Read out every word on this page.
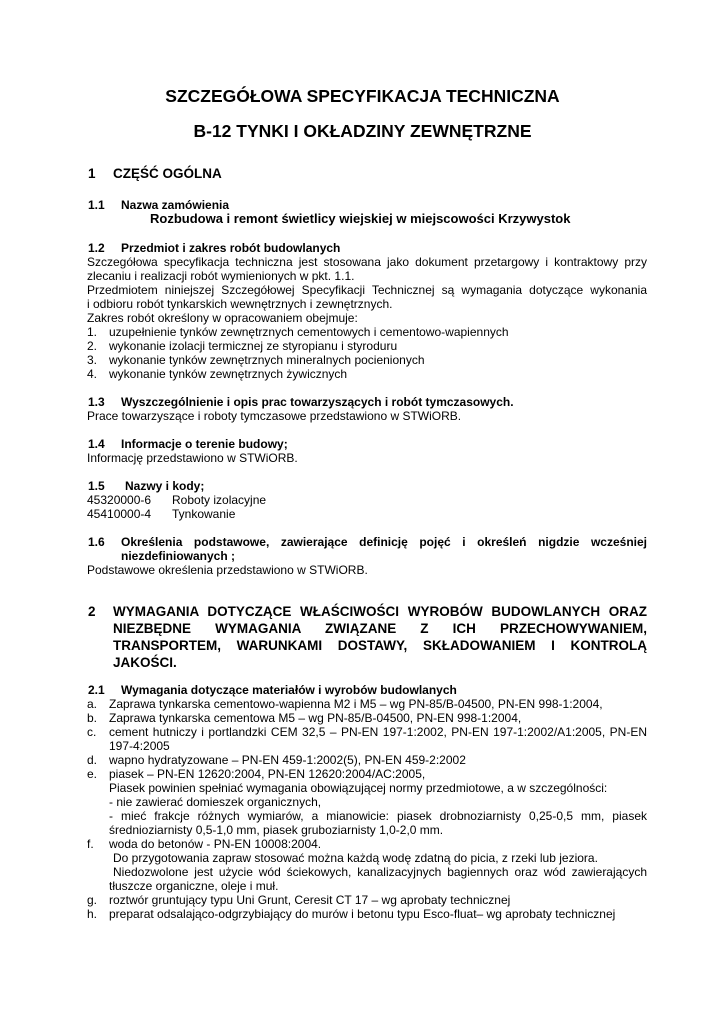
SZCZEGÓŁOWA SPECYFIKACJA TECHNICZNA
B-12 TYNKI I OKŁADZINY ZEWNĘTRZNE
1 CZĘŚĆ OGÓLNA
1.1 Nazwa zamówienia
Rozbudowa i remont świetlicy wiejskiej w miejscowości Krzywystok
1.2 Przedmiot i zakres robót budowlanych
Szczegółowa specyfikacja techniczna jest stosowana jako dokument przetargowy i kontraktowy przy
zlecaniu i realizacji robót wymienionych w pkt. 1.1.
Przedmiotem niniejszej Szczegółowej Specyfikacji Technicznej są wymagania dotyczące wykonania
i odbioru robót tynkarskich wewnętrznych i zewnętrznych.
Zakres robót określony w opracowaniem obejmuje:
1. uzupełnienie tynków zewnętrznych cementowych i cementowo-wapiennych
2. wykonanie izolacji termicznej ze styropianu i styroduru
3. wykonanie tynków zewnętrznych mineralnych pocienionych
4. wykonanie tynków zewnętrznych żywicznych
1.3 Wyszczególnienie i opis prac towarzyszących i robót tymczasowych.
Prace towarzyszące i roboty tymczasowe przedstawiono w STWiORB.
1.4 Informacje o terenie budowy;
Informację przedstawiono w STWiORB.
1.5 Nazwy i kody;
45320000-6 Roboty izolacyjne
45410000-4 Tynkowanie
1.6 Określenia podstawowe, zawierające definicję pojęć i określeń nigdzie wcześniej
niezdefiniowanych ;
Podstawowe określenia przedstawiono w STWiORB.
2 WYMAGANIA DOTYCZĄCE WŁAŚCIWOŚCI WYROBÓW BUDOWLANYCH ORAZ
NIEZBĘDNE WYMAGANIA ZWIĄZANE Z ICH PRZECHOWYWANIEM,
TRANSPORTEM, WARUNKAMI DOSTAWY, SKŁADOWANIEM I KONTROLĄ
JAKOŚCI.
2.1 Wymagania dotyczące materiałów i wyrobów budowlanych
a. Zaprawa tynkarska cementowo-wapienna M2 i M5 – wg PN-85/B-04500, PN-EN 998-1:2004,
b. Zaprawa tynkarska cementowa M5 – wg PN-85/B-04500, PN-EN 998-1:2004,
c. cement hutniczy i portlandzki CEM 32,5 – PN-EN 197-1:2002, PN-EN 197-1:2002/A1:2005, PN-EN
197-4:2005
d. wapno hydratyzowane – PN-EN 459-1:2002(5), PN-EN 459-2:2002
e. piasek – PN-EN 12620:2004, PN-EN 12620:2004/AC:2005,
Piasek powinien spełniać wymagania obowiązującej normy przedmiotowe, a w szczególności:
- nie zawierać domieszek organicznych,
- mieć frakcje różnych wymiarów, a mianowicie: piasek drobnoziarnisty 0,25-0,5 mm, piasek
średnioziarnisty 0,5-1,0 mm, piasek gruboziarnisty 1,0-2,0 mm.
f. woda do betonów - PN-EN 10008:2004.
Do przygotowania zapraw stosować można każdą wodę zdatną do picia, z rzeki lub jeziora.
Niedozwolone jest użycie wód ściekowych, kanalizacyjnych bagiennych oraz wód zawierających
tłuszcze organiczne, oleje i muł.
g. roztwór gruntujący typu Uni Grunt, Ceresit CT 17 – wg aprobaty technicznej
h. preparat odsalająco-odgrzybiający do murów i betonu typu Esco-fluat– wg aprobaty technicznej
